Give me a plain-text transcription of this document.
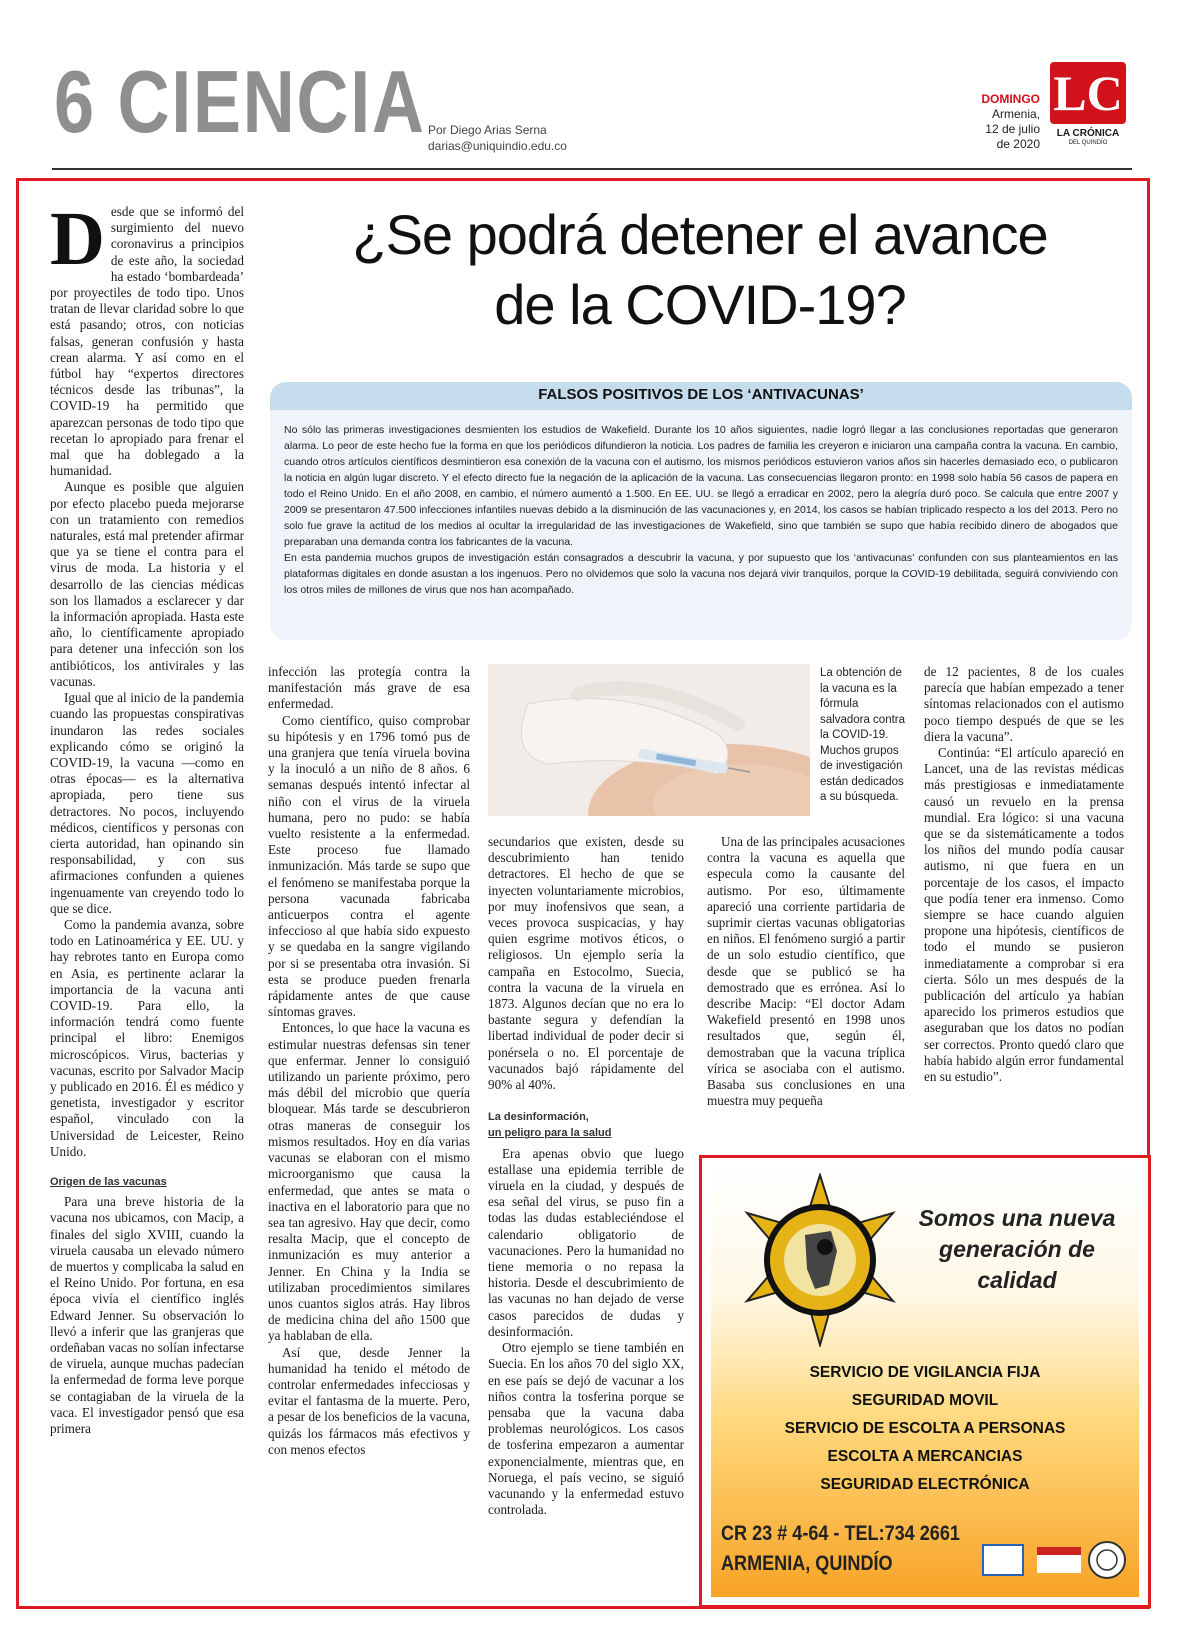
6 CIENCIA Por Diego Arias Serna
darias@uniquindio.edu.co
DOMINGO
Armenia,
12 de julio
de 2020
LC
LA CRÓNICA
DEL QUINDÍO
¿Se podrá detener el avance
de la COVID-19?
FALSOS POSITIVOS DE LOS ‘ANTIVACUNAS’

No sólo las primeras investigaciones desmienten los estudios de Wakefield. Durante los 10 años siguientes, nadie logró llegar a las conclusiones reportadas que generaron alarma. Lo peor de este hecho fue la forma en que los periódicos difundieron la noticia. Los padres de familia les creyeron e iniciaron una campaña contra la vacuna. En cambio, cuando otros artículos científicos desmintieron esa conexión de la vacuna con el autismo, los mismos periódicos estuvieron varios años sin hacerles demasiado eco, o publicaron la noticia en algún lugar discreto. Y el efecto directo fue la negación de la aplicación de la vacuna. Las consecuencias llegaron pronto: en 1998 solo había 56 casos de papera en todo el Reino Unido. En el año 2008, en cambio, el número aumentó a 1.500. En EE. UU. se llegó a erradicar en 2002, pero la alegría duró poco. Se calcula que entre 2007 y 2009 se presentaron 47.500 infecciones infantiles nuevas debido a la disminución de las vacunaciones y, en 2014, los casos se habían triplicado respecto a los del 2013. Pero no solo fue grave la actitud de los medios al ocultar la irregularidad de las investigaciones de Wakefield, sino que también se supo que había recibido dinero de abogados que preparaban una demanda contra los fabricantes de la vacuna.

En esta pandemia muchos grupos de investigación están consagrados a descubrir la vacuna, y por supuesto que los ‘antivacunas’ confunden con sus planteamientos en las plataformas digitales en donde asustan a los ingenuos. Pero no olvidemos que solo la vacuna nos dejará vivir tranquilos, porque la COVID-19 debilitada, seguirá conviviendo con los otros miles de millones de virus que nos han acompañado.

Desde que se informó del surgimiento del nuevo coronavirus a principios de este año, la sociedad ha estado ‘bombardeada’ por proyectiles de todo tipo. Unos tratan de llevar claridad sobre lo que está pasando; otros, con noticias falsas, generan confusión y hasta crean alarma. Y así como en el fútbol hay “expertos directores técnicos desde las tribunas”, la COVID-19 ha permitido que aparezcan personas de todo tipo que recetan lo apropiado para frenar el mal que ha doblegado a la humanidad.

Aunque es posible que alguien por efecto placebo pueda mejorarse con un tratamiento con remedios naturales, está mal pretender afirmar que ya se tiene el contra para el virus de moda. La historia y el desarrollo de las ciencias médicas son los llamados a esclarecer y dar la información apropiada. Hasta este año, lo científicamente apropiado para detener una infección son los antibióticos, los antivirales y las vacunas.

Igual que al inicio de la pandemia cuando las propuestas conspirativas inundaron las redes sociales explicando cómo se originó la COVID-19, la vacuna —como en otras épocas— es la alternativa apropiada, pero tiene sus detractores. No pocos, incluyendo médicos, científicos y personas con cierta autoridad, han opinando sin responsabilidad, y con sus afirmaciones confunden a quienes ingenuamente van creyendo todo lo que se dice.

Como la pandemia avanza, sobre todo en Latinoamérica y EE. UU. y hay rebrotes tanto en Europa como en Asia, es pertinente aclarar la importancia de la vacuna anti COVID-19. Para ello, la información tendrá como fuente principal el libro: Enemigos microscópicos. Virus, bacterias y vacunas, escrito por Salvador Macip y publicado en 2016. Él es médico y genetista, investigador y escritor español, vinculado con la Universidad de Leicester, Reino Unido.

Origen de las vacunas

Para una breve historia de la vacuna nos ubicamos, con Macip, a finales del siglo XVIII, cuando la viruela causaba un elevado número de muertos y complicaba la salud en el Reino Unido. Por fortuna, en esa época vivía el científico inglés Edward Jenner. Su observación lo llevó a inferir que las granjeras que ordeñaban vacas no solían infectarse de viruela, aunque muchas padecían la enfermedad de forma leve porque se contagiaban de la viruela de la vaca. El investigador pensó que esa primera

infección las protegía contra la manifestación más grave de esa enfermedad.

Como científico, quiso comprobar su hipótesis y en 1796 tomó pus de una granjera que tenía viruela bovina y la inoculó a un niño de 8 años. 6 semanas después intentó infectar al niño con el virus de la viruela humana, pero no pudo: se había vuelto resistente a la enfermedad. Este proceso fue llamado inmunización. Más tarde se supo que el fenómeno se manifestaba porque la persona vacunada fabricaba anticuerpos contra el agente infeccioso al que había sido expuesto y se quedaba en la sangre vigilando por si se presentaba otra invasión. Si esta se produce pueden frenarla rápidamente antes de que cause síntomas graves.

Entonces, lo que hace la vacuna es estimular nuestras defensas sin tener que enfermar. Jenner lo consiguió utilizando un pariente próximo, pero más débil del microbio que quería bloquear. Más tarde se descubrieron otras maneras de conseguir los mismos resultados. Hoy en día varias vacunas se elaboran con el mismo microorganismo que causa la enfermedad, que antes se mata o inactiva en el laboratorio para que no sea tan agresivo. Hay que decir, como resalta Macip, que el concepto de inmunización es muy anterior a Jenner. En China y la India se utilizaban procedimientos similares unos cuantos siglos atrás. Hay libros de medicina china del año 1500 que ya hablaban de ella.

Así que, desde Jenner la humanidad ha tenido el método de controlar enfermedades infecciosas y evitar el fantasma de la muerte. Pero, a pesar de los beneficios de la vacuna, quizás los fármacos más efectivos y con menos efectos

La obtención de la vacuna es la fórmula salvadora contra la COVID-19. Muchos grupos de investigación están dedicados a su búsqueda.

secundarios que existen, desde su descubrimiento han tenido detractores. El hecho de que se inyecten voluntariamente microbios, por muy inofensivos que sean, a veces provoca suspicacias, y hay quien esgrime motivos éticos, o religiosos. Un ejemplo sería la campaña en Estocolmo, Suecia, contra la vacuna de la viruela en 1873. Algunos decían que no era lo bastante segura y defendían la libertad individual de poder decir si ponérsela o no. El porcentaje de vacunados bajó rápidamente del 90% al 40%.

La desinformación,
un peligro para la salud

Era apenas obvio que luego estallase una epidemia terrible de viruela en la ciudad, y después de esa señal del virus, se puso fin a todas las dudas estableciéndose el calendario obligatorio de vacunaciones. Pero la humanidad no tiene memoria o no repasa la historia. Desde el descubrimiento de las vacunas no han dejado de verse casos parecidos de dudas y desinformación.

Otro ejemplo se tiene también en Suecia. En los años 70 del siglo XX, en ese país se dejó de vacunar a los niños contra la tosferina porque se pensaba que la vacuna daba problemas neurológicos. Los casos de tosferina empezaron a aumentar exponencialmente, mientras que, en Noruega, el país vecino, se siguió vacunando y la enfermedad estuvo controlada.

Una de las principales acusaciones contra la vacuna es aquella que especula como la causante del autismo. Por eso, últimamente apareció una corriente partidaria de suprimir ciertas vacunas obligatorias en niños. El fenómeno surgió a partir de un solo estudio científico, que desde que se publicó se ha demostrado que es errónea. Así lo describe Macip: “El doctor Adam Wakefield presentó en 1998 unos resultados que, según él, demostraban que la vacuna tríplica vírica se asociaba con el autismo. Basaba sus conclusiones en una muestra muy pequeña

de 12 pacientes, 8 de los cuales parecía que habían empezado a tener síntomas relacionados con el autismo poco tiempo después de que se les diera la vacuna”.

Continúa: “El artículo apareció en Lancet, una de las revistas médicas más prestigiosas e inmediatamente causó un revuelo en la prensa mundial. Era lógico: si una vacuna que se da sistemáticamente a todos los niños del mundo podía causar autismo, ni que fuera en un porcentaje de los casos, el impacto que podía tener era inmenso. Como siempre se hace cuando alguien propone una hipótesis, científicos de todo el mundo se pusieron inmediatamente a comprobar si era cierta. Sólo un mes después de la publicación del artículo ya habían aparecido los primeros estudios que aseguraban que los datos no podían ser correctos. Pronto quedó claro que había habido algún error fundamental en su estudio”.

Somos una nueva
generación de
calidad
SERVICIO DE VIGILANCIA FIJA
SEGURIDAD MOVIL
SERVICIO DE ESCOLTA A PERSONAS
ESCOLTA A MERCANCIAS
SEGURIDAD ELECTRÓNICA
CR 23 # 4-64 - TEL:734 2661
ARMENIA, QUINDÍO
